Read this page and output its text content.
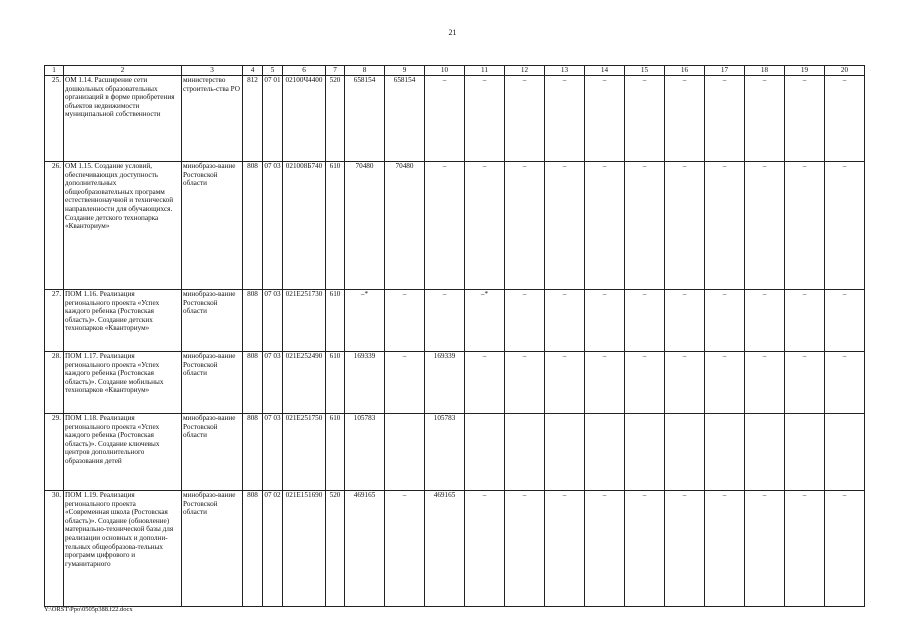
21
1	2	3	4	5	6	7	8	9	10	11	12	13	14	15	16	17	18	19	20
25.	ОМ 1.14. Расширение сети дошкольных образовательных организаций в форме приобретения объектов недвижимости муниципальной собственности	министерство строитель-ства РО	812	07 01	02100Ч4400	520	658154	658154	–	–	–	–	–	–	–	–	–	–	–
26.	ОМ 1.15. Создание условий, обеспечивающих доступность дополнительных общеобразовательных программ естественнонаучной и технической направленности для обучающихся. Создание детского технопарка «Кванториум»	минобразо-вание Ростовской области	808	07 03	021008Б740	610	70480	70480	–	–	–	–	–	–	–	–	–	–	–
27.	ПОМ 1.16. Реализация регионального проекта «Успех каждого ребенка (Ростовская область)». Создание детских технопарков «Кванториум»	минобразо-вание Ростовской области	808	07 03	021E251730	610	–*	–	–	–*	–	–	–	–	–	–	–	–	–
28.	ПОМ 1.17. Реализация регионального проекта «Успех каждого ребенка (Ростовская область)». Создание мобильных технопарков «Кванториум»	минобразо-вание Ростовской области	808	07 03	021E252490	610	169339	–	169339	–	–	–	–	–	–	–	–	–	–
29.	ПОМ 1.18. Реализация регионального проекта «Успех каждого ребенка (Ростовская область)». Создание ключевых центров дополнительного образования детей	минобразо-вание Ростовской области	808	07 03	021E251750	610	105783		105783										
30.	ПОМ 1.19. Реализация регионального проекта «Современная школа (Ростовская область)». Создание (обновление) материально-технической базы для реализации основных и дополни-тельных общеобразова-тельных программ цифрового и гуманитарного	минобразо-вание Ростовской области	808	07 02	021E151690	520	469165	–	469165	–	–	–	–	–	–	–	–	–	–
Y:\ORST\Ppo\0505p388.f22.docx
